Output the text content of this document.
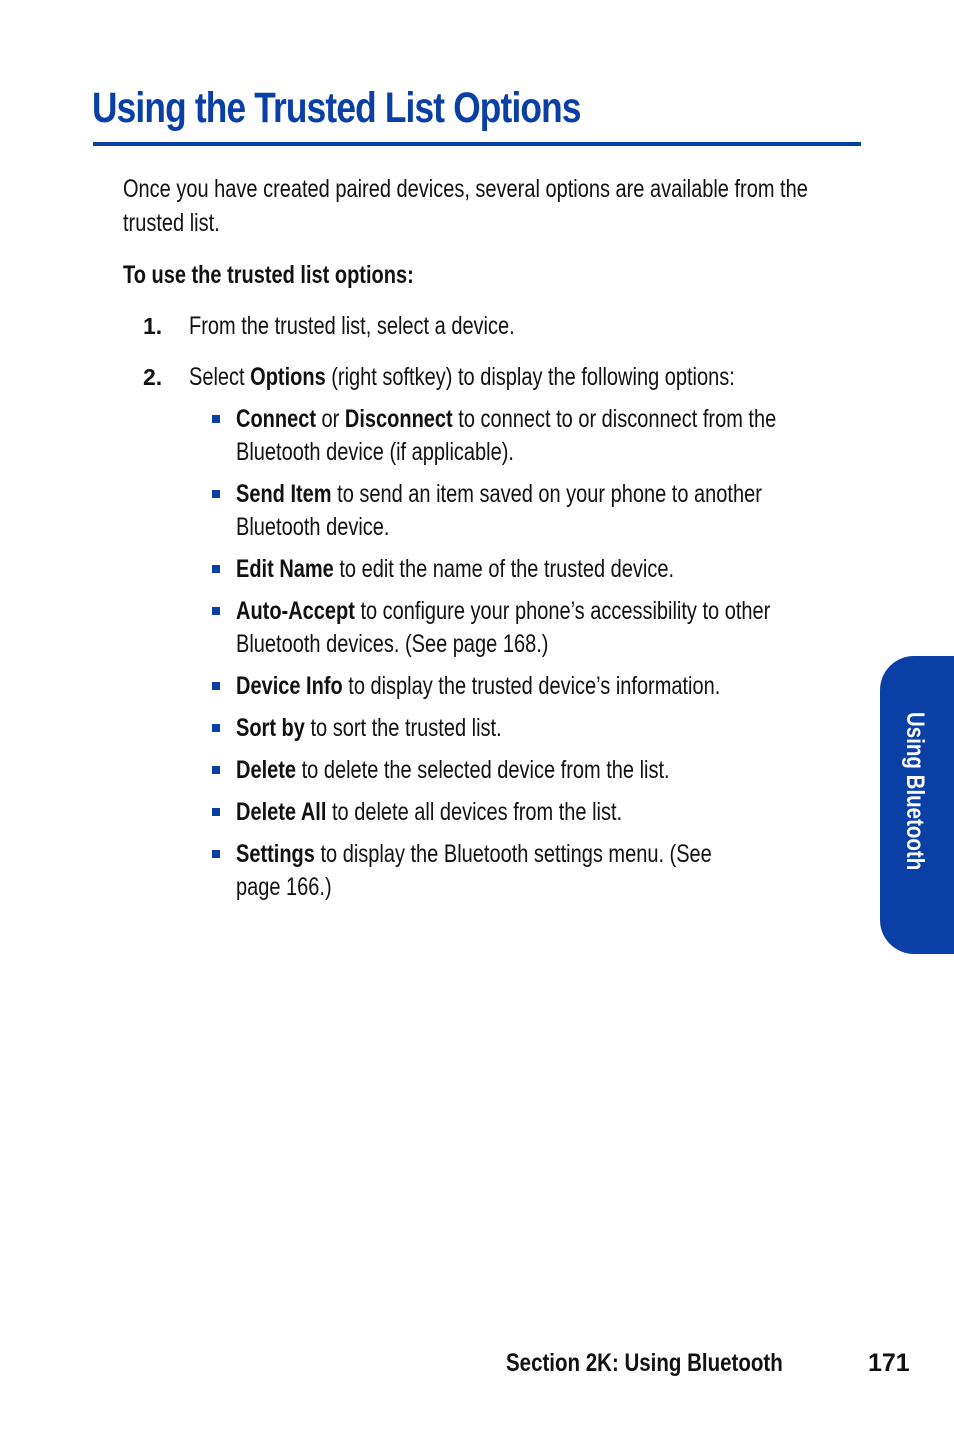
Using the Trusted List Options
Once you have created paired devices, several options are available from the
trusted list.
To use the trusted list options:
1. From the trusted list, select a device.
2. Select Options (right softkey) to display the following options:
Connect or Disconnect to connect to or disconnect from the
Bluetooth device (if applicable).
Send Item to send an item saved on your phone to another
Bluetooth device.
Edit Name to edit the name of the trusted device.
Auto-Accept to configure your phone’s accessibility to other
Bluetooth devices. (See page 168.)
Device Info to display the trusted device’s information.
Sort by to sort the trusted list.
Delete to delete the selected device from the list.
Delete All to delete all devices from the list.
Settings to display the Bluetooth settings menu. (See
page 166.)
Using Bluetooth
Section 2K: Using Bluetooth	171
